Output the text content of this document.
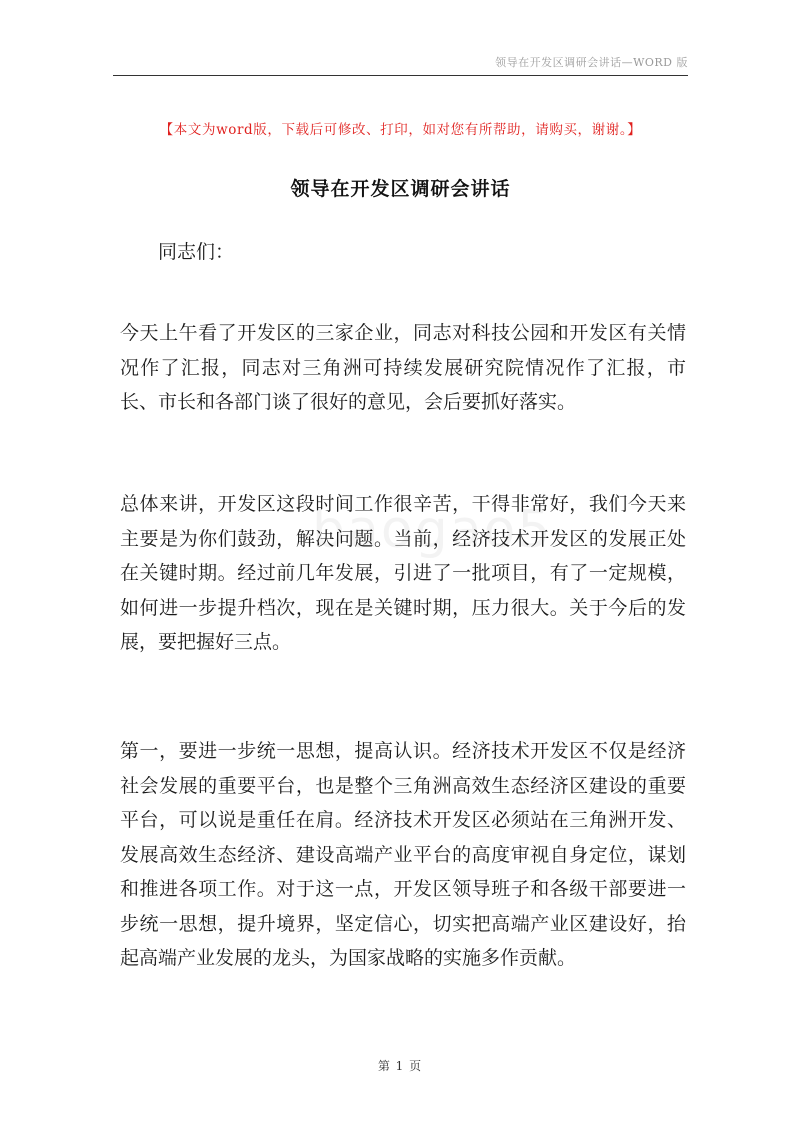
领导在开发区调研会讲话—WORD 版
【本文为word版，下载后可修改、打印，如对您有所帮助，请购买，谢谢。】
领导在开发区调研会讲话
同志们：

今天上午看了开发区的三家企业，同志对科技公园和开发区有关情况作了汇报，同志对三角洲可持续发展研究院情况作了汇报，市长、市长和各部门谈了很好的意见，会后要抓好落实。

总体来讲，开发区这段时间工作很辛苦，干得非常好，我们今天来主要是为你们鼓劲，解决问题。当前，经济技术开发区的发展正处在关键时期。经过前几年发展，引进了一批项目，有了一定规模，如何进一步提升档次，现在是关键时期，压力很大。关于今后的发展，要把握好三点。

第一，要进一步统一思想，提高认识。经济技术开发区不仅是经济社会发展的重要平台，也是整个三角洲高效生态经济区建设的重要平台，可以说是重任在肩。经济技术开发区必须站在三角洲开发、发展高效生态经济、建设高端产业平台的高度审视自身定位，谋划和推进各项工作。对于这一点，开发区领导班子和各级干部要进一步统一思想，提升境界，坚定信心，切实把高端产业区建设好，抬起高端产业发展的龙头，为国家战略的实施多作贡献。

第 1 页
